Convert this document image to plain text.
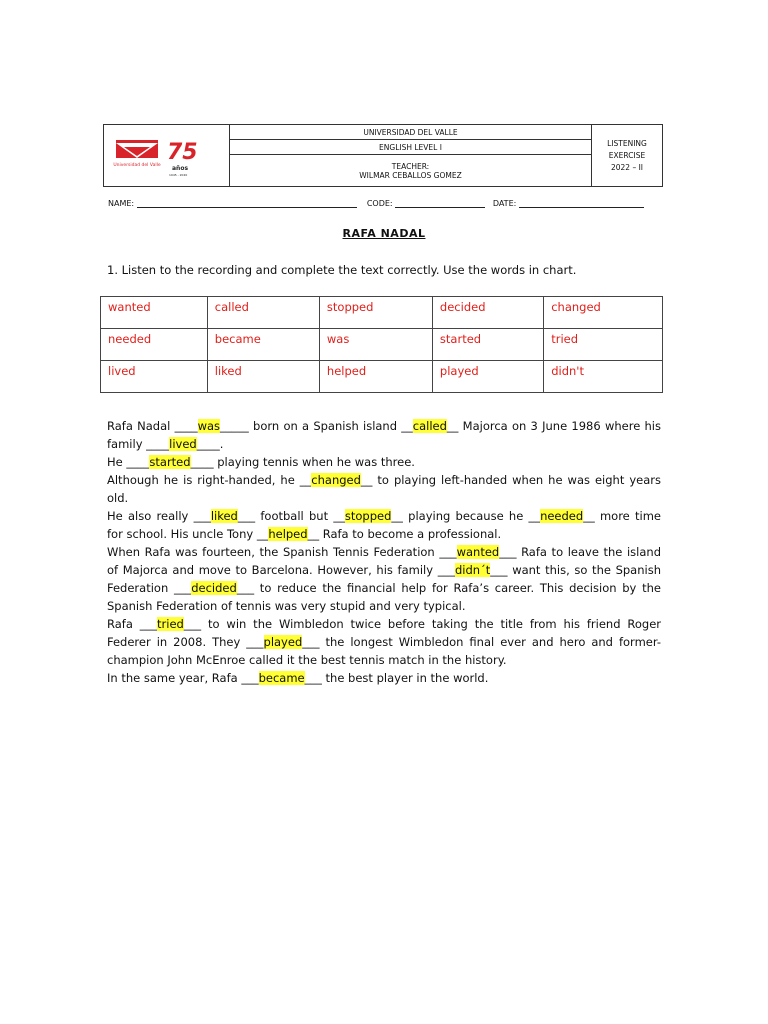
Universidad del Valle
75
años
1945 - 2020
UNIVERSIDAD DEL VALLE
ENGLISH LEVEL I
TEACHER:
WILMAR CEBALLOS GOMEZ
LISTENING
EXERCISE
2022 – II
NAME:	CODE:	DATE:
RAFA NADAL
1. Listen to the recording and complete the text correctly. Use the words in chart.
wanted	called	stopped	decided	changed
needed	became	was	started	tried
lived	liked	helped	played	didn't

Rafa Nadal ____was_____ born on a Spanish island __called__ Majorca on 3 June 1986 where his family ____lived____.

He ____started____ playing tennis when he was three.

Although he is right-handed, he __changed__ to playing left-handed when he was eight years old.

He also really ___liked___ football but __stopped__ playing because he __needed__ more time for school. His uncle Tony __helped__ Rafa to become a professional.

When Rafa was fourteen, the Spanish Tennis Federation ___wanted___ Rafa to leave the island of Majorca and move to Barcelona. However, his family ___didn´t___ want this, so the Spanish Federation ___decided___ to reduce the financial help for Rafa’s career. This decision by the Spanish Federation of tennis was very stupid and very typical.

Rafa ___tried___ to win the Wimbledon twice before taking the title from his friend Roger Federer in 2008. They ___played___ the longest Wimbledon final ever and hero and former-champion John McEnroe called it the best tennis match in the history.

In the same year, Rafa ___became___ the best player in the world.
